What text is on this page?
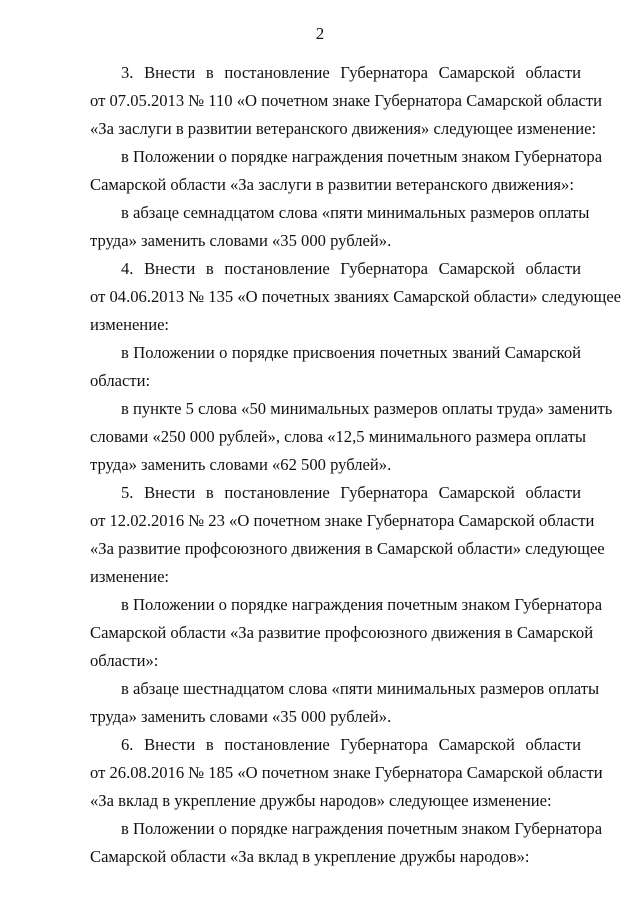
2
3. Внести в постановление Губернатора Самарской области
от 07.05.2013 № 110 «О почетном знаке Губернатора Самарской области
«За заслуги в развитии ветеранского движения» следующее изменение:
в Положении о порядке награждения почетным знаком Губернатора
Самарской области «За заслуги в развитии ветеранского движения»:
в абзаце семнадцатом слова «пяти минимальных размеров оплаты
труда» заменить словами «35 000 рублей».
4. Внести в постановление Губернатора Самарской области
от 04.06.2013 № 135 «О почетных званиях Самарской области» следующее
изменение:
в Положении о порядке присвоения почетных званий Самарской
области:
в пункте 5 слова «50 минимальных размеров оплаты труда» заменить
словами «250 000 рублей», слова «12,5 минимального размера оплаты
труда» заменить словами «62 500 рублей».
5. Внести в постановление Губернатора Самарской области
от 12.02.2016 № 23 «О почетном знаке Губернатора Самарской области
«За развитие профсоюзного движения в Самарской области» следующее
изменение:
в Положении о порядке награждения почетным знаком Губернатора
Самарской области «За развитие профсоюзного движения в Самарской
области»:
в абзаце шестнадцатом слова «пяти минимальных размеров оплаты
труда» заменить словами «35 000 рублей».
6. Внести в постановление Губернатора Самарской области
от 26.08.2016 № 185 «О почетном знаке Губернатора Самарской области
«За вклад в укрепление дружбы народов» следующее изменение:
в Положении о порядке награждения почетным знаком Губернатора
Самарской области «За вклад в укрепление дружбы народов»:
